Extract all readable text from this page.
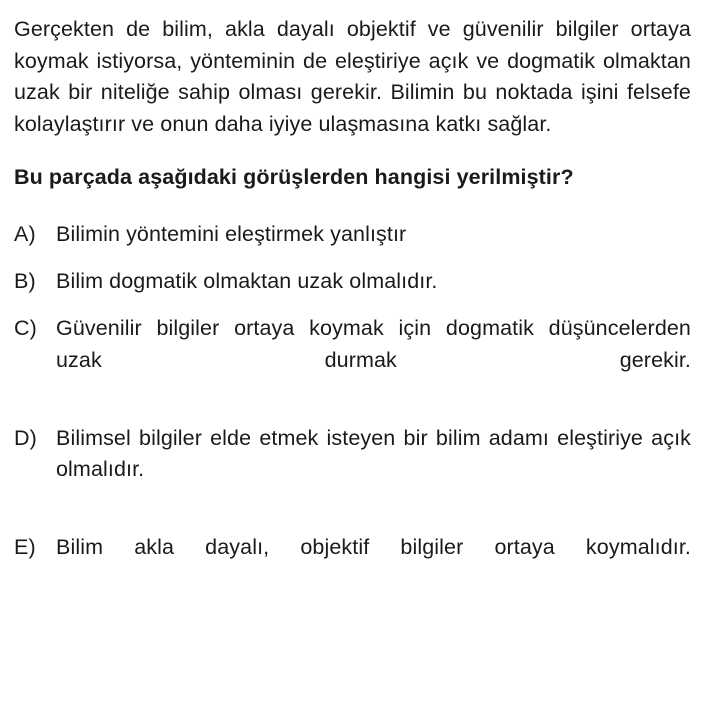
Gerçekten de bilim, akla dayalı objektif ve güvenilir bilgiler ortaya koymak istiyorsa, yönteminin de eleştiriye açık ve dogmatik olmaktan uzak bir niteliğe sahip olması gerekir. Bilimin bu noktada işini felsefe kolaylaştırır ve onun daha iyiye ulaşmasına katkı sağlar.

Bu parçada aşağıdaki görüşlerden hangisi yerilmiştir?

A) Bilimin yöntemini eleştirmek yanlıştır
B) Bilim dogmatik olmaktan uzak olmalıdır.
C) Güvenilir bilgiler ortaya koymak için dogmatik düşüncelerden uzak durmak gerekir.
D) Bilimsel bilgiler elde etmek isteyen bir bilim adamı eleştiriye açık olmalıdır.
E) Bilim akla dayalı, objektif bilgiler ortaya koymalıdır.
